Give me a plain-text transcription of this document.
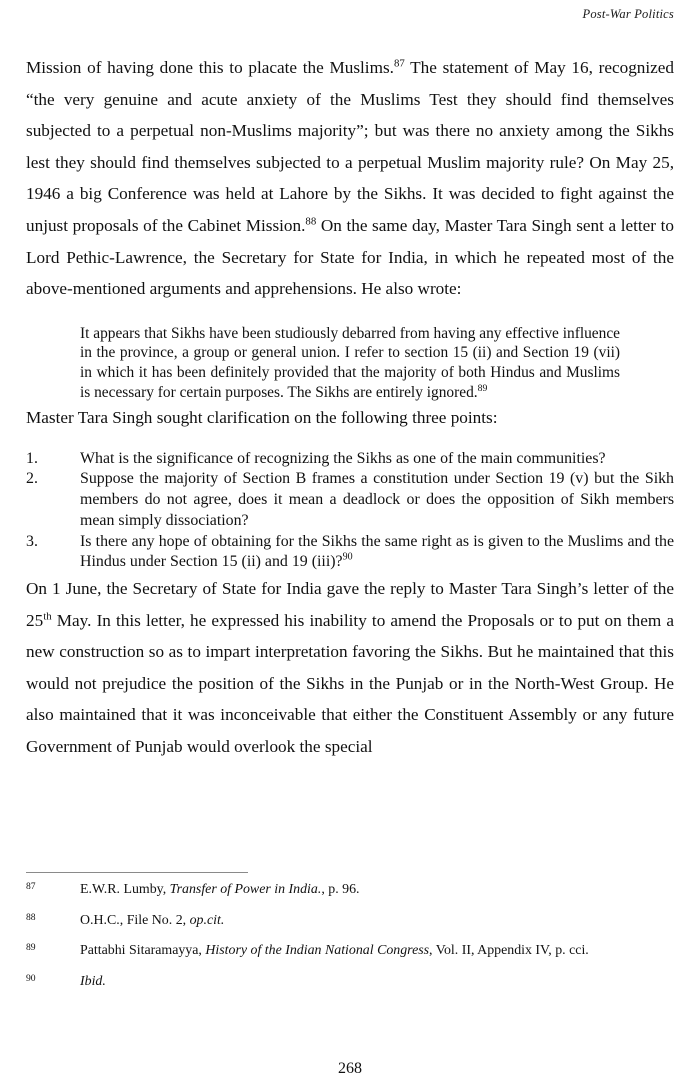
Post-War Politics

Mission of having done this to placate the Muslims.$^{87}$ The statement of May 16, recognized “the very genuine and acute anxiety of the Muslims Test they should find themselves subjected to a perpetual non-Muslims majority”; but was there no anxiety among the Sikhs lest they should find themselves subjected to a perpetual Muslim majority rule? On May 25, 1946 a big Conference was held at Lahore by the Sikhs. It was decided to fight against the unjust proposals of the Cabinet Mission.$^{88}$ On the same day, Master Tara Singh sent a letter to Lord Pethic-Lawrence, the Secretary for State for India, in which he repeated most of the above-mentioned arguments and apprehensions. He also wrote:

It appears that Sikhs have been studiously debarred from having any effective influence in the province, a group or general union. I refer to section 15 (ii) and Section 19 (vii) in which it has been definitely provided that the majority of both Hindus and Muslims is necessary for certain purposes. The Sikhs are entirely ignored.$^{89}$

Master Tara Singh sought clarification on the following three points:

1.	What is the significance of recognizing the Sikhs as one of the main communities?
2.	Suppose the majority of Section B frames a constitution under Section 19 (v) but the Sikh members do not agree, does it mean a deadlock or does the opposition of Sikh members mean simply dissociation?
3.	Is there any hope of obtaining for the Sikhs the same right as is given to the Muslims and the Hindus under Section 15 (ii) and 19 (iii)?$^{90}$

On 1 June, the Secretary of State for India gave the reply to Master Tara Singh’s letter of the 25th May. In this letter, he expressed his inability to amend the Proposals or to put on them a new construction so as to impart interpretation favoring the Sikhs. But he maintained that this would not prejudice the position of the Sikhs in the Punjab or in the North-West Group. He also maintained that it was inconceivable that either the Constituent Assembly or any future Government of Punjab would overlook the special

87	E.W.R. Lumby, Transfer of Power in India., p. 96.
88	O.H.C., File No. 2, op.cit.
89	Pattabhi Sitaramayya, History of the Indian National Congress, Vol. II, Appendix IV, p. cci.
90	Ibid.
268
